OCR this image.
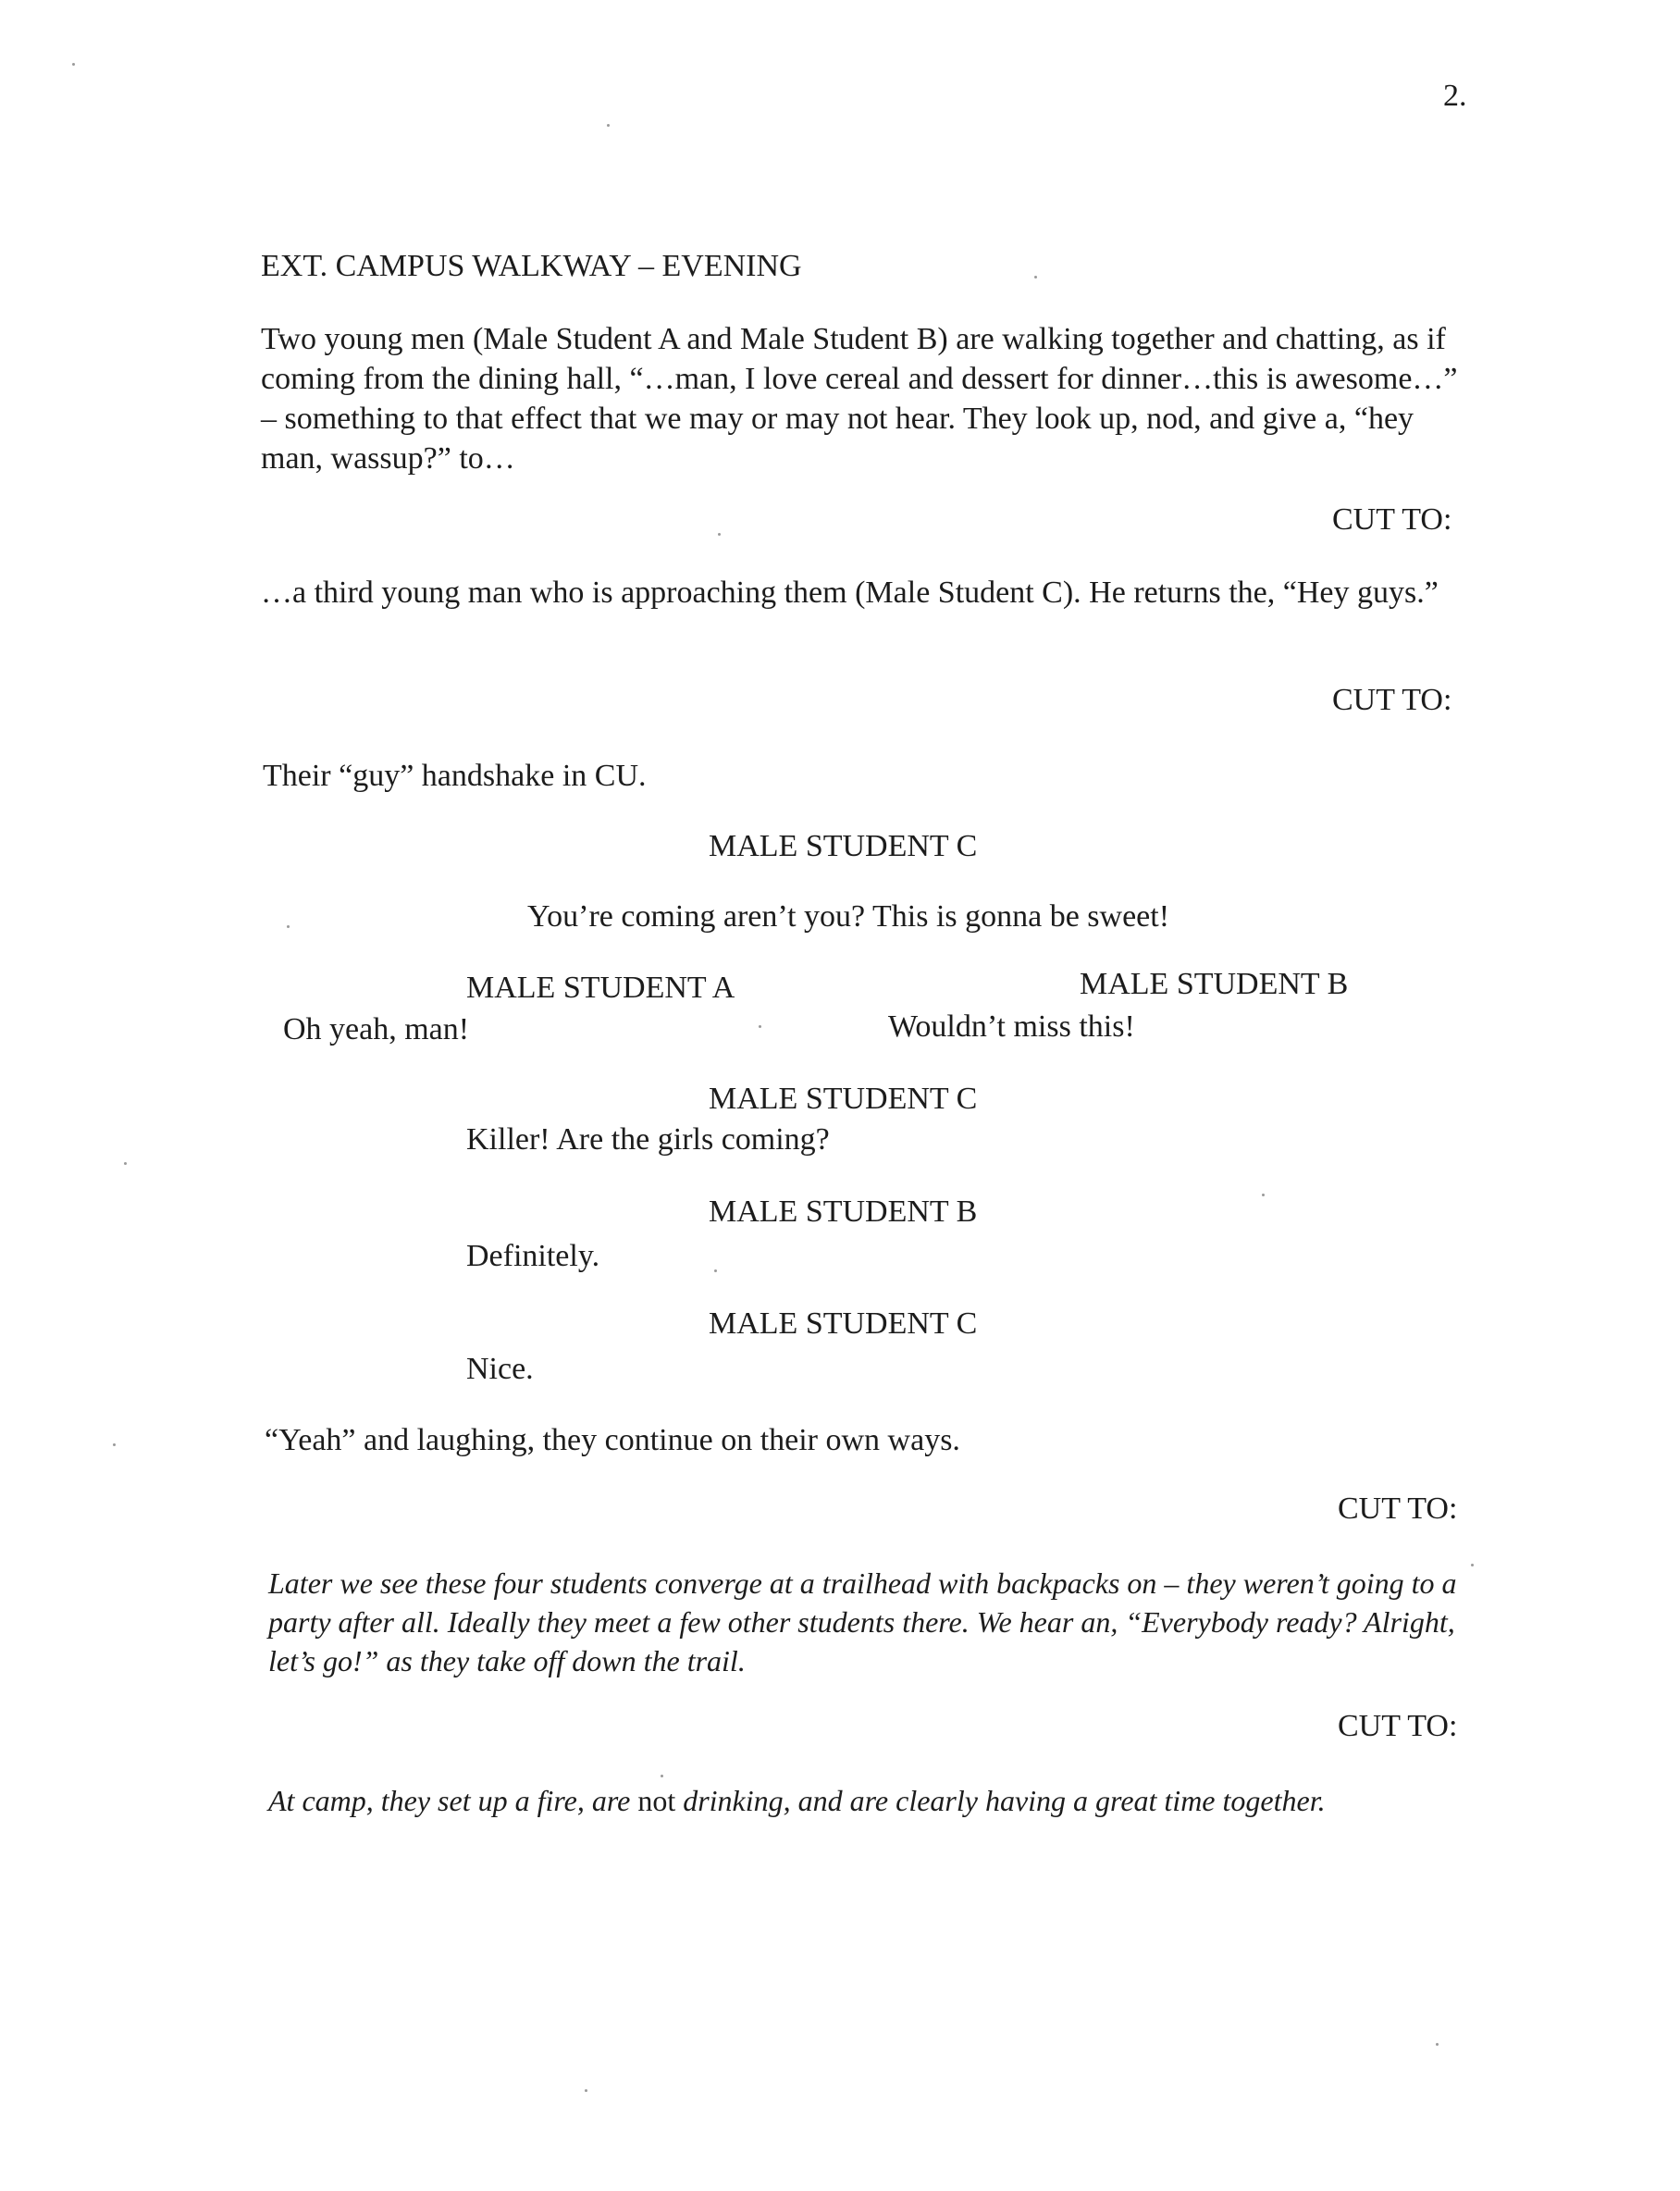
2.
EXT. CAMPUS WALKWAY – EVENING

Two young men (Male Student A and Male Student B) are walking together and chatting, as if coming from the dining hall, “…man, I love cereal and dessert for dinner…this is awesome…” – something to that effect that we may or may not hear. They look up, nod, and give a, “hey man, wassup?” to…

CUT TO:

…a third young man who is approaching them (Male Student C). He returns the, “Hey guys.”

CUT TO:
Their “guy” handshake in CU.
MALE STUDENT C
You’re coming aren’t you? This is gonna be sweet!
MALE STUDENT A
Oh yeah, man!
MALE STUDENT B
Wouldn’t miss this!
MALE STUDENT C
Killer! Are the girls coming?
MALE STUDENT B
Definitely.
MALE STUDENT C
Nice.
“Yeah” and laughing, they continue on their own ways.
CUT TO:

Later we see these four students converge at a trailhead with backpacks on – they weren’t going to a party after all. Ideally they meet a few other students there. We hear an, “Everybody ready? Alright, let’s go!” as they take off down the trail.

CUT TO:
At camp, they set up a fire, are not drinking, and are clearly having a great time together.
